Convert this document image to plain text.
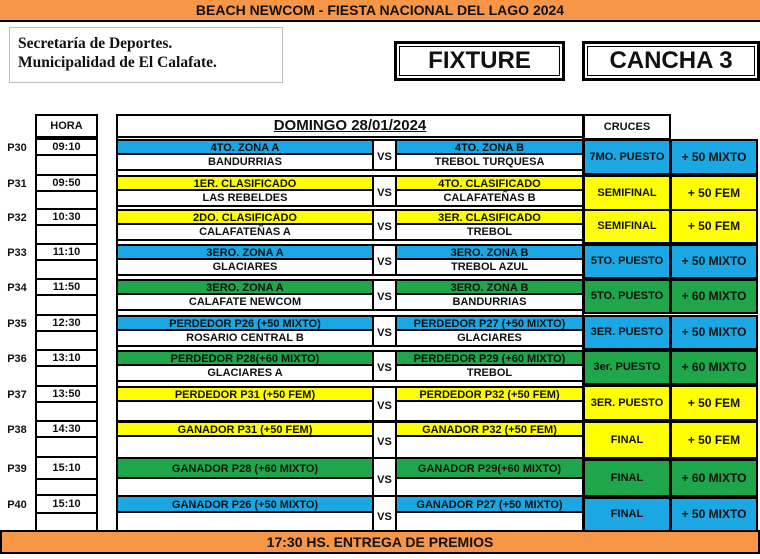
BEACH NEWCOM - FIESTA NACIONAL DEL LAGO 2024
Secretaría de Deportes.
Municipalidad de El Calafate.	FIXTURE	CANCHA 3
HORA	DOMINGO 28/01/2024	CRUCES
P30	09:10	4TO. ZONA A
BANDURRIAS	VS
4TO. ZONA B
TREBOL TURQUESA	7MO. PUESTO	+ 50 MIXTO
P31	09:50	1ER. CLASIFICADO
LAS REBELDES	VS
4TO. CLASIFICADO
CALAFATEÑAS B	SEMIFINAL	+ 50 FEM
P32	10:30	2DO. CLASIFICADO
CALAFATEÑAS A	VS
3ER. CLASIFICADO
TREBOL	SEMIFINAL	+ 50 FEM
P33	11:10	3ERO. ZONA A
GLACIARES	VS
3ERO. ZONA B
TREBOL AZUL	5TO. PUESTO	+ 50 MIXTO
P34	11:50	3ERO. ZONA A
CALAFATE NEWCOM	VS
3ERO. ZONA B
BANDURRIAS	5TO. PUESTO	+ 60 MIXTO
P35	12:30	PERDEDOR P26 (+50 MIXTO)
ROSARIO CENTRAL B	VS
PERDEDOR P27 (+50 MIXTO)
GLACIARES	3ER. PUESTO	+ 50 MIXTO
P36	13:10	PERDEDOR P28(+60 MIXTO)
GLACIARES A	VS
PERDEDOR P29 (+60 MIXTO)
TREBOL	3er. PUESTO	+ 60 MIXTO
P37	13:50	PERDEDOR P31 (+50 FEM)
VS
PERDEDOR P32 (+50 FEM)
3ER. PUESTO	+ 50 FEM
P38	14:30	GANADOR P31 (+50 FEM)
VS
GANADOR P32 (+50 FEM)
FINAL	+ 50 FEM
P39	15:10	GANADOR P28 (+60 MIXTO)
VS
GANADOR P29(+60 MIXTO)
FINAL	+ 60 MIXTO
P40	15:10	GANADOR P26 (+50 MIXTO)
VS
GANADOR P27 (+50 MIXTO)
FINAL	+ 50 MIXTO
17:30 HS. ENTREGA DE PREMIOS
